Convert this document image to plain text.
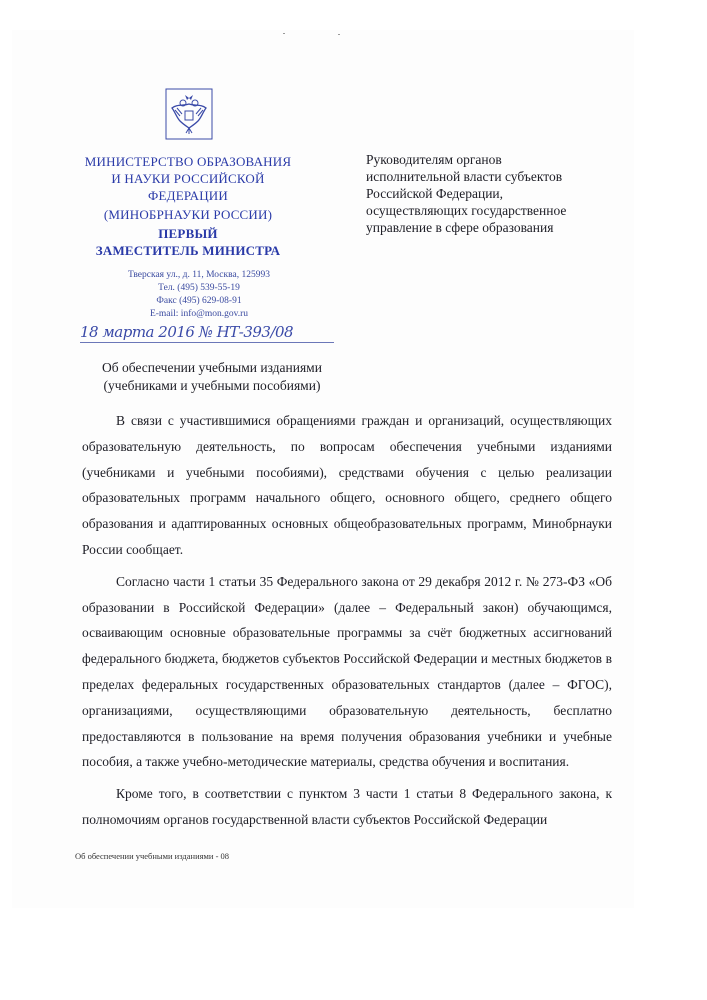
МИНИСТЕРСТВО ОБРАЗОВАНИЯ
И НАУКИ РОССИЙСКОЙ
ФЕДЕРАЦИИ
(МИНОБРНАУКИ РОССИИ)
ПЕРВЫЙ
ЗАМЕСТИТЕЛЬ МИНИСТРА
Тверская ул., д. 11, Москва, 125993
Тел. (495) 539-55-19
Факс (495) 629-08-91
E-mail: info@mon.gov.ru
18 марта 2016 № НТ-393/08
Об обеспечении учебными изданиями
(учебниками и учебными пособиями)
Руководителям органов
исполнительной власти субъектов
Российской Федерации,
осуществляющих государственное
управление в сфере образования

В связи с участившимися обращениями граждан и организаций, осуществляющих образовательную деятельность, по вопросам обеспечения учебными изданиями (учебниками и учебными пособиями), средствами обучения с целью реализации образовательных программ начального общего, основного общего, среднего общего образования и адаптированных основных общеобразовательных программ, Минобрнауки России сообщает.

Согласно части 1 статьи 35 Федерального закона от 29 декабря 2012 г. № 273-ФЗ «Об образовании в Российской Федерации» (далее – Федеральный закон) обучающимся, осваивающим основные образовательные программы за счёт бюджетных ассигнований федерального бюджета, бюджетов субъектов Российской Федерации и местных бюджетов в пределах федеральных государственных образовательных стандартов (далее – ФГОС), организациями, осуществляющими образовательную деятельность, бесплатно предоставляются в пользование на время получения образования учебники и учебные пособия, а также учебно-методические материалы, средства обучения и воспитания.

Кроме того, в соответствии с пунктом 3 части 1 статьи 8 Федерального закона, к полномочиям органов государственной власти субъектов Российской Федерации

Об обеспечении учебными изданиями - 08
